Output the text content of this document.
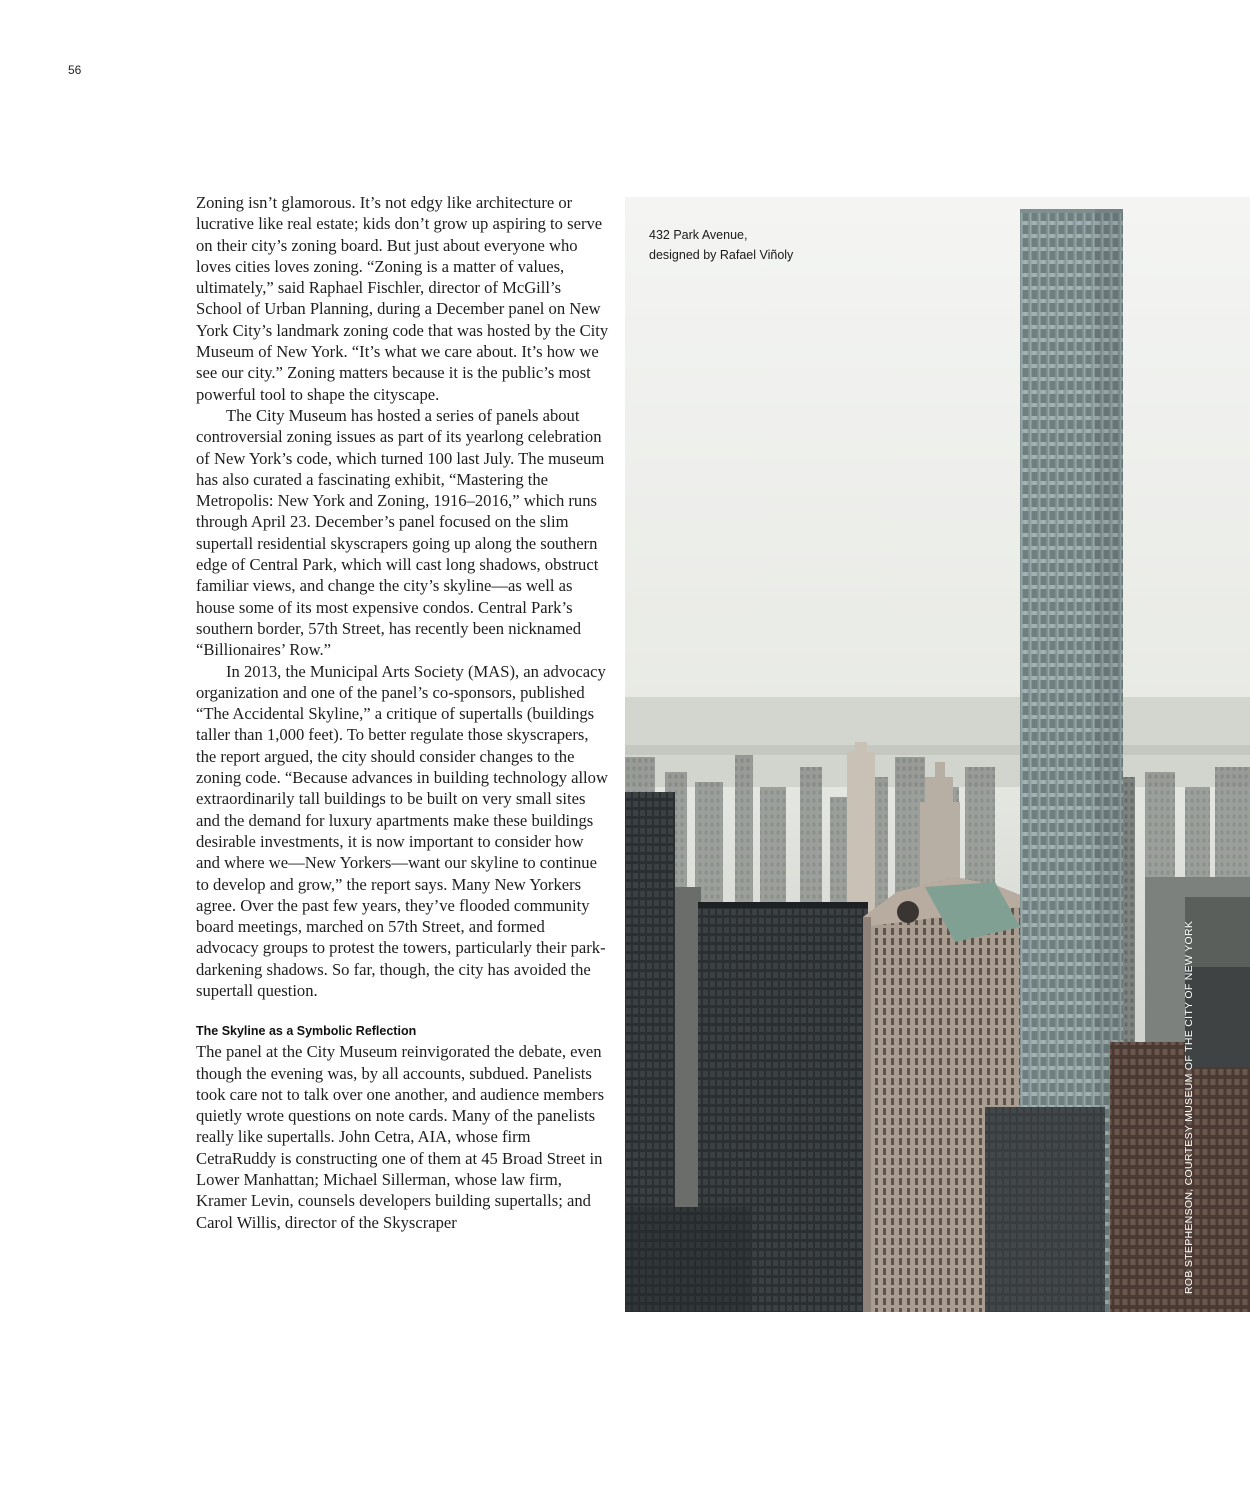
56

Zoning isn’t glamorous. It’s not edgy like architecture or lucrative like real estate; kids don’t grow up aspiring to serve on their city’s zoning board. But just about everyone who loves cities loves zoning. “Zoning is a matter of values, ultimately,” said Raphael Fischler, director of McGill’s School of Urban Planning, during a December panel on New York City’s landmark zoning code that was hosted by the City Museum of New York. “It’s what we care about. It’s how we see our city.” Zoning matters because it is the public’s most powerful tool to shape the cityscape.

The City Museum has hosted a series of panels about controversial zoning issues as part of its yearlong celebration of New York’s code, which turned 100 last July. The museum has also curated a fascinating exhibit, “Mastering the Metropolis: New York and Zoning, 1916–2016,” which runs through April 23. December’s panel focused on the slim supertall residential skyscrapers going up along the southern edge of Central Park, which will cast long shadows, obstruct familiar views, and change the city’s skyline—as well as house some of its most expensive condos. Central Park’s southern border, 57th Street, has recently been nicknamed “Billionaires’ Row.”

In 2013, the Municipal Arts Society (MAS), an advocacy organization and one of the panel’s co-sponsors, published “The Accidental Skyline,” a critique of supertalls (buildings taller than 1,000 feet). To better regulate those skyscrapers, the report argued, the city should consider changes to the zoning code. “Because advances in building technology allow extraordinarily tall buildings to be built on very small sites and the demand for luxury apartments make these buildings desirable investments, it is now important to consider how and where we—New Yorkers—want our skyline to continue to develop and grow,” the report says. Many New Yorkers agree. Over the past few years, they’ve flooded community board meetings, marched on 57th Street, and formed advocacy groups to protest the towers, particularly their park-darkening shadows. So far, though, the city has avoided the supertall question.

The Skyline as a Symbolic Reflection

The panel at the City Museum reinvigorated the debate, even though the evening was, by all accounts, subdued. Panelists took care not to talk over one another, and audience members quietly wrote questions on note cards. Many of the panelists really like supertalls. John Cetra, AIA, whose firm CetraRuddy is constructing one of them at 45 Broad Street in Lower Manhattan; Michael Sillerman, whose law firm, Kramer Levin, counsels developers building supertalls; and Carol Willis, director of the Skyscraper

432 Park Avenue,
designed by Rafael Viñoly
ROB STEPHENSON, COURTESY MUSEUM OF THE CITY OF NEW YORK
